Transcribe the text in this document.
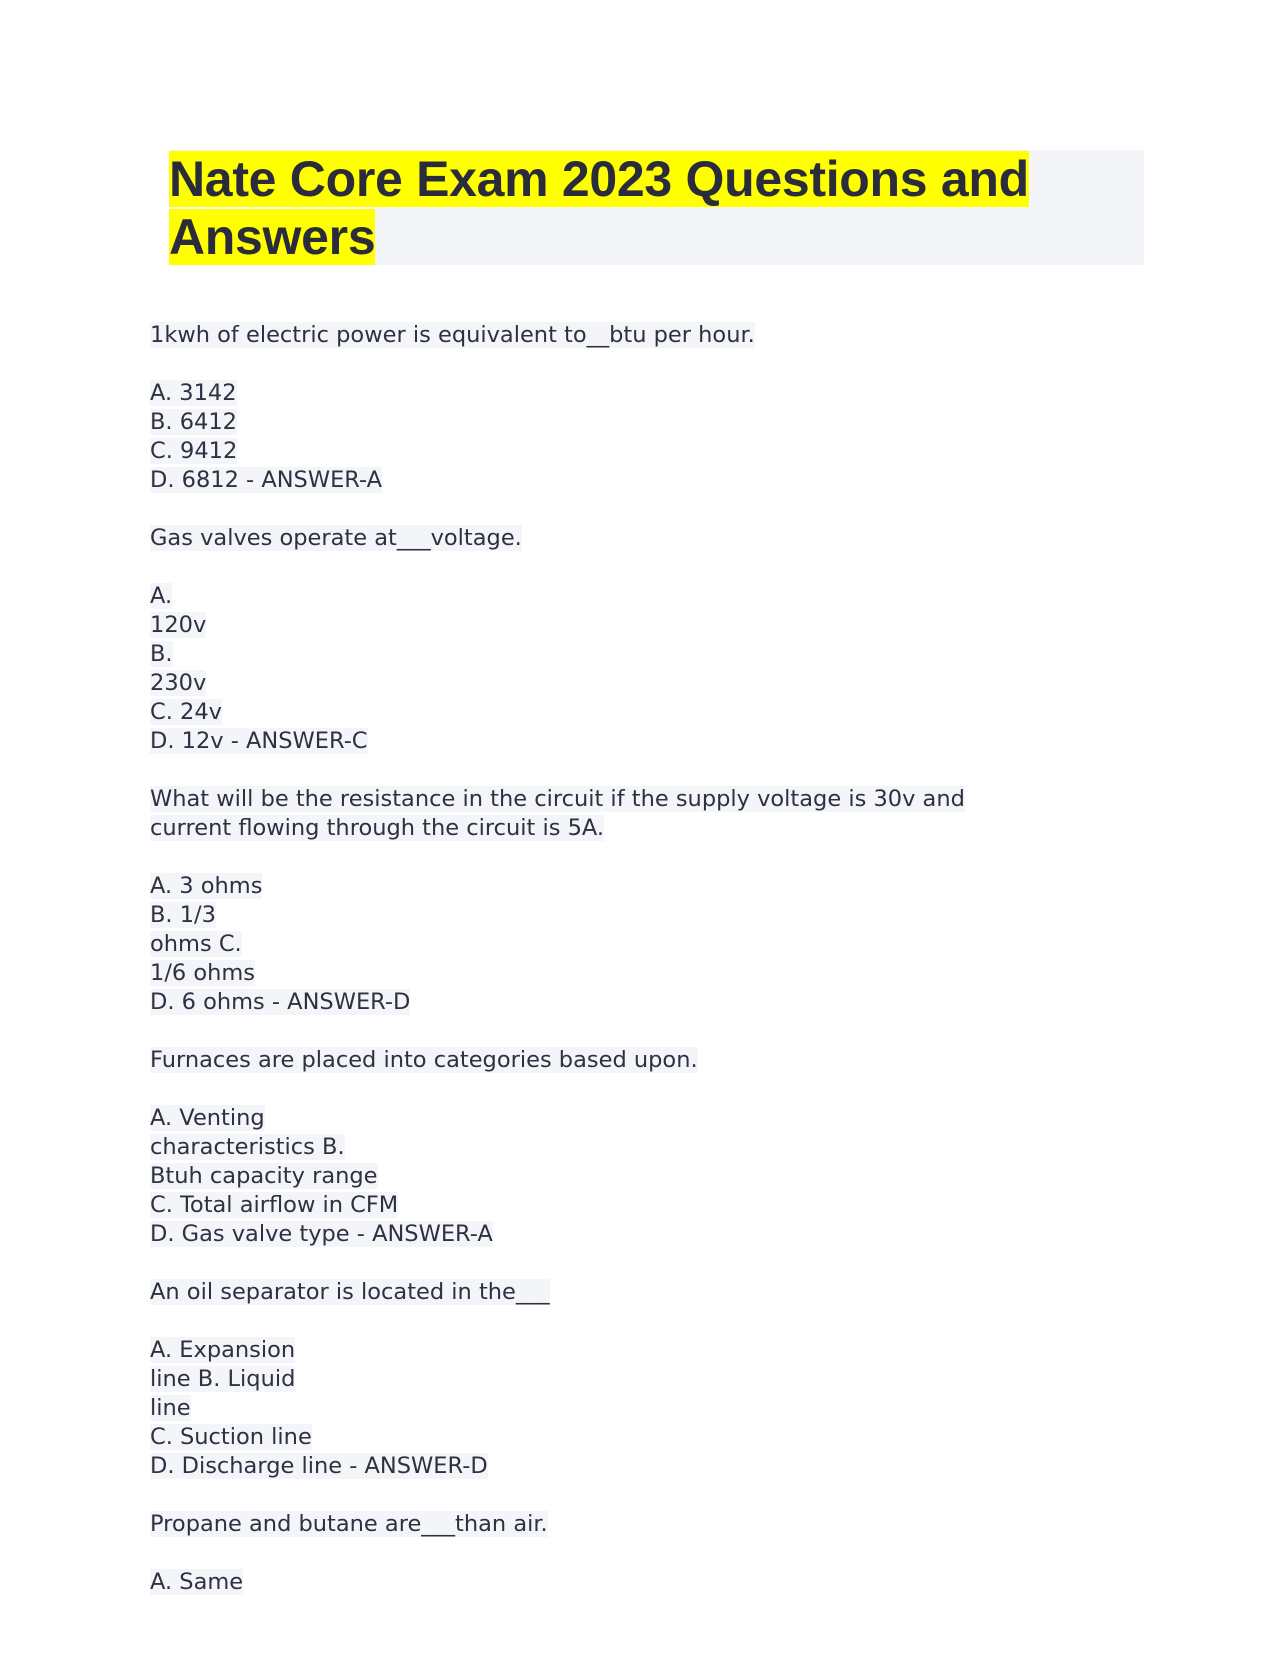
Nate Core Exam 2023 Questions and
Answers
1kwh of electric power is equivalent to__btu per hour.
A. 3142
B. 6412
C. 9412
D. 6812 - ANSWER-A
Gas valves operate at___voltage.
A.
120v
B.
230v
C. 24v
D. 12v - ANSWER-C
What will be the resistance in the circuit if the supply voltage is 30v and
current flowing through the circuit is 5A.
A. 3 ohms
B. 1/3
ohms C.
1/6 ohms
D. 6 ohms - ANSWER-D
Furnaces are placed into categories based upon.
A. Venting
characteristics B.
Btuh capacity range
C. Total airflow in CFM
D. Gas valve type - ANSWER-A
An oil separator is located in the___
A. Expansion
line B. Liquid
line
C. Suction line
D. Discharge line - ANSWER-D
Propane and butane are___than air.
A. Same
